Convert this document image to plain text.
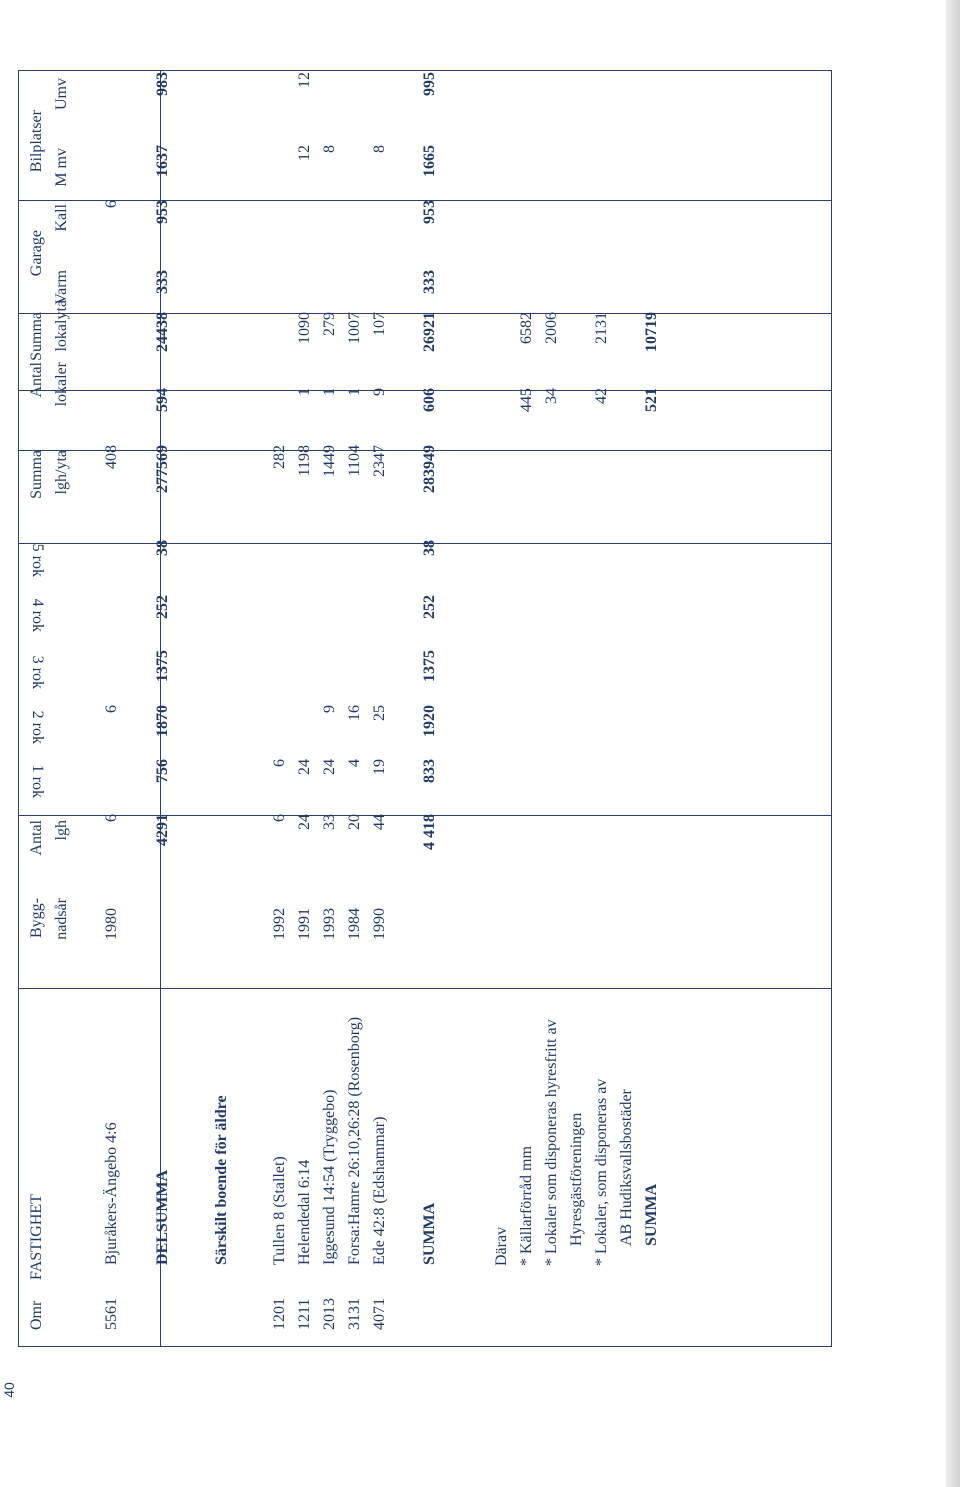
40
Omr
FASTIGHET
Bygg- nadsår
Antal lgh
1 rok
2 rok
3 rok
4 rok
5 rok
Summa lgh/yta
Antal lokaler
Summa lokalyta
Garage
Varm
Kall
Bilplatser M mv
Umv
5561
Bjuråkers-Ängebo 4:6
1980
6
6
408
6
DELSUMMA
4291
756
1870
1375
252
38
277569
594
24438
333
953
1637
983
Särskilt boende för äldre
1201
Tullen 8 (Stallet)
1992
6
6
282
1211
Helendedal 6:14
1991
24
24
1198
1
1090
12
12
2013
Iggesund 14:54 (Tryggebo)
1993
33
24
9
1449
1
279
8
3131
Forsa:Hamre 26:10,26:28 (Rosenborg)
1984
20
4
16
1104
1
1007
4071
Ede 42:8 (Edshammar)
1990
44
19
25
2347
9
107
8
SUMMA
4 418
833
1920
1375
252
38
283949
606
26921
333
953
1665
995
Därav * Källarförråd mm
445
6582
* Lokaler som disponeras hyresfritt av
34
2006
Hyresgästföreningen * Lokaler, som disponeras av
42
2131
AB Hudiksvallsbostäder SUMMA
521
10719
